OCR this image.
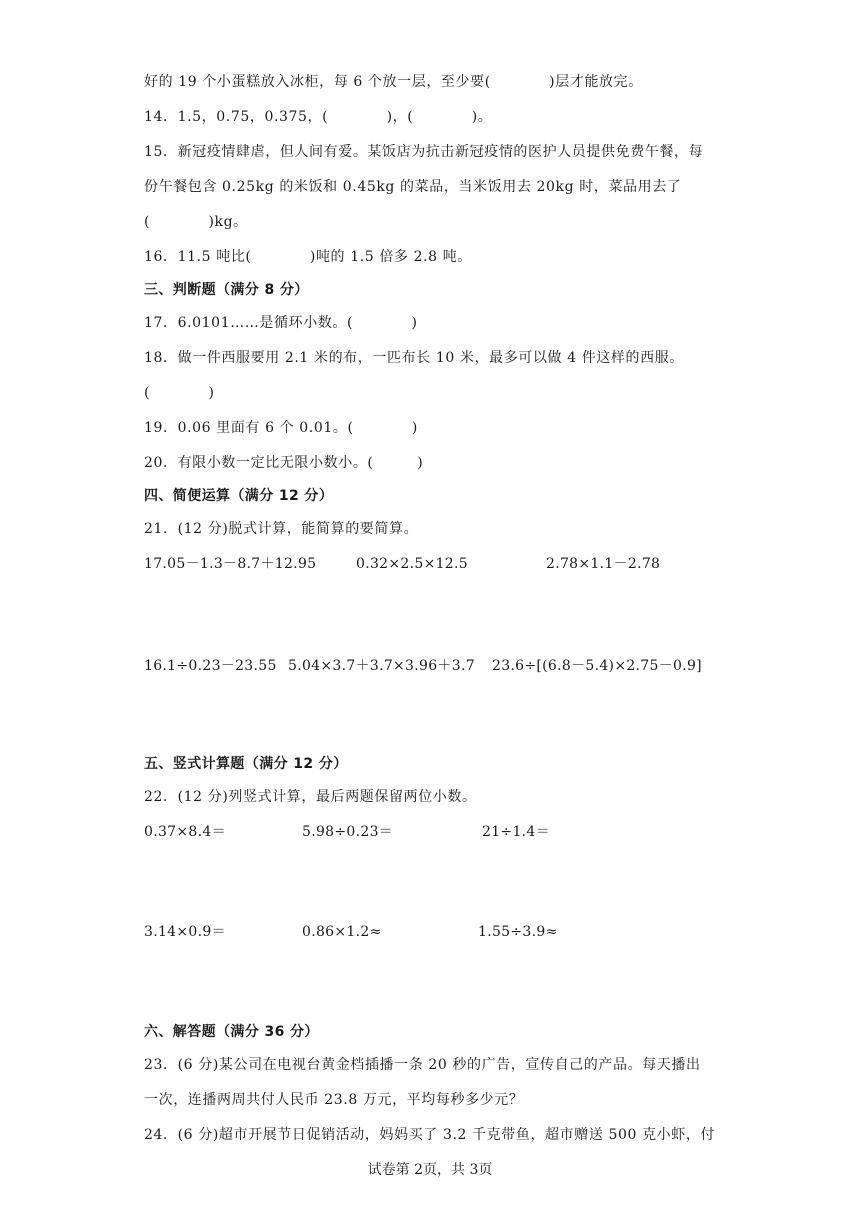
好的 19 个小蛋糕放入冰柜，每 6 个放一层，至少要(　　　　)层才能放完。
14．1.5，0.75，0.375，(　　　　)，(　　　　)。
15．新冠疫情肆虐，但人间有爱。某饭店为抗击新冠疫情的医护人员提供免费午餐，每
份午餐包含 0.25kg 的米饭和 0.45kg 的菜品，当米饭用去 20kg 时，菜品用去了
(　　　　)kg。
16．11.5 吨比(　　　　)吨的 1.5 倍多 2.8 吨。
三、判断题（满分 8 分）
17．6.0101……是循环小数。(　　　　)
18．做一件西服要用 2.1 米的布，一匹布长 10 米，最多可以做 4 件这样的西服。
(　　　　)
19．0.06 里面有 6 个 0.01。(　　　　)
20．有限小数一定比无限小数小。(　　　)
四、简便运算（满分 12 分）
21．(12 分)脱式计算，能简算的要简算。
17.05－1.3－8.7＋12.95	0.32×2.5×12.5	2.78×1.1－2.78
16.1÷0.23－23.55 5.04×3.7＋3.7×3.96＋3.7 23.6÷[(6.8－5.4)×2.75－0.9]
五、竖式计算题（满分 12 分）
22．(12 分)列竖式计算，最后两题保留两位小数。
0.37×8.4＝	5.98÷0.23＝	21÷1.4＝
3.14×0.9＝	0.86×1.2≈	1.55÷3.9≈
六、解答题（满分 36 分）
23．(6 分)某公司在电视台黄金档插播一条 20 秒的广告，宣传自己的产品。每天播出
一次，连播两周共付人民币 23.8 万元，平均每秒多少元？
24．(6 分)超市开展节日促销活动，妈妈买了 3.2 千克带鱼，超市赠送 500 克小虾，付
试卷第 2页，共 3页
